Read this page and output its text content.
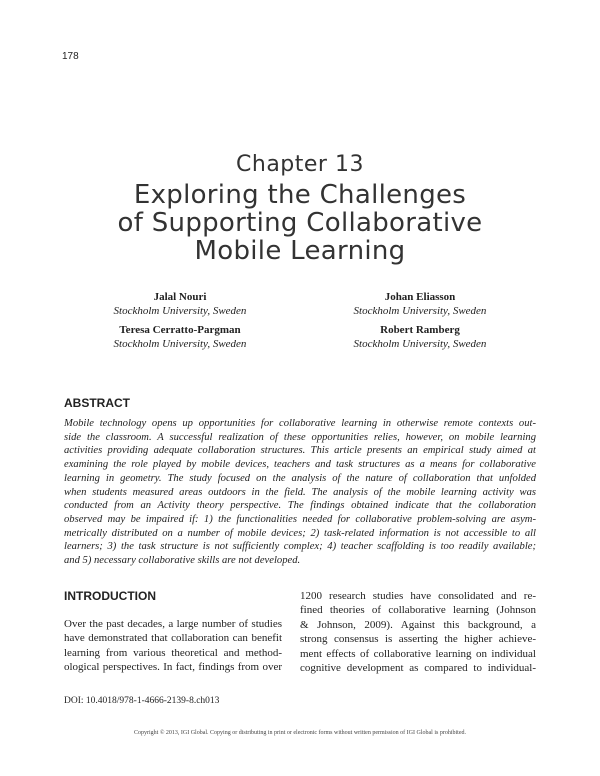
178
Chapter 13
Exploring the Challenges
of Supporting Collaborative
Mobile Learning
Jalal Nouri
Stockholm University, Sweden
Johan Eliasson
Stockholm University, Sweden
Teresa Cerratto-Pargman
Stockholm University, Sweden
Robert Ramberg
Stockholm University, Sweden
ABSTRACT
Mobile technology opens up opportunities for collaborative learning in otherwise remote contexts out-
side the classroom. A successful realization of these opportunities relies, however, on mobile learning
activities providing adequate collaboration structures. This article presents an empirical study aimed at
examining the role played by mobile devices, teachers and task structures as a means for collaborative
learning in geometry. The study focused on the analysis of the nature of collaboration that unfolded
when students measured areas outdoors in the field. The analysis of the mobile learning activity was
conducted from an Activity theory perspective. The findings obtained indicate that the collaboration
observed may be impaired if: 1) the functionalities needed for collaborative problem-solving are asym-
metrically distributed on a number of mobile devices; 2) task-related information is not accessible to all
learners; 3) the task structure is not sufficiently complex; 4) teacher scaffolding is too readily available;
and 5) necessary collaborative skills are not developed.
INTRODUCTION
Over the past decades, a large number of studies
have demonstrated that collaboration can benefit
learning from various theoretical and method-
ological perspectives. In fact, findings from over
1200 research studies have consolidated and re-
fined theories of collaborative learning (Johnson
& Johnson, 2009). Against this background, a
strong consensus is asserting the higher achieve-
ment effects of collaborative learning on individual
cognitive development as compared to individual-
DOI: 10.4018/978-1-4666-2139-8.ch013
Copyright © 2013, IGI Global. Copying or distributing in print or electronic forms without written permission of IGI Global is prohibited.
